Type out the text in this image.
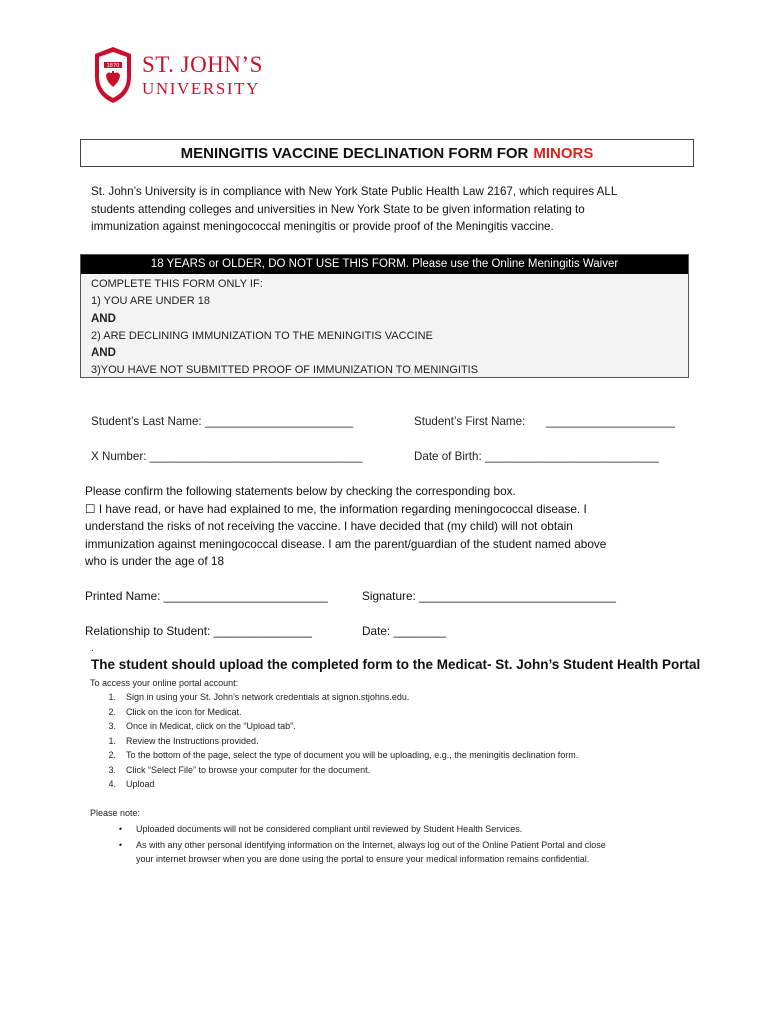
1870 ST. JOHN’S
UNIVERSITY
MENINGITIS VACCINE DECLINATION FORM FOR MINORS
St. John’s University is in compliance with New York State Public Health Law 2167, which requires ALL
students attending colleges and universities in New York State to be given information relating to
immunization against meningococcal meningitis or provide proof of the Meningitis vaccine.
18 YEARS or OLDER, DO NOT USE THIS FORM. Please use the Online Meningitis Waiver
COMPLETE THIS FORM ONLY IF:
1) YOU ARE UNDER 18
AND
2) ARE DECLINING IMMUNIZATION TO THE MENINGITIS VACCINE
AND
3)YOU HAVE NOT SUBMITTED PROOF OF IMMUNIZATION TO MENINGITIS
Student’s Last Name: _______________________	Student’s First Name: ____________________
X Number: _________________________________	Date of Birth: ___________________________
Please confirm the following statements below by checking the corresponding box.
☐ I have read, or have had explained to me, the information regarding meningococcal disease. I
understand the risks of not receiving the vaccine. I have decided that (my child) will not obtain
immunization against meningococcal disease. I am the parent/guardian of the student named above
who is under the age of 18
Printed Name: _________________________	Signature: ______________________________
Relationship to Student: _______________	Date: ________
.
The student should upload the completed form to the Medicat- St. John’s Student Health Portal
To access your online portal account:
1.	Sign in using your St. John's network credentials at signon.stjohns.edu.
2.	Click on the icon for Medicat.
3.	Once in Medicat, click on the “Upload tab”.
1.	Review the Instructions provided.
2.	To the bottom of the page, select the type of document you will be uploading, e.g., the meningitis declination form.
3.	Click “Select File” to browse your computer for the document.
4.	Upload
Please note:
•	Uploaded documents will not be considered compliant until reviewed by Student Health Services.
•	As with any other personal identifying information on the Internet, always log out of the Online Patient Portal and close
your internet browser when you are done using the portal to ensure your medical information remains confidential.
